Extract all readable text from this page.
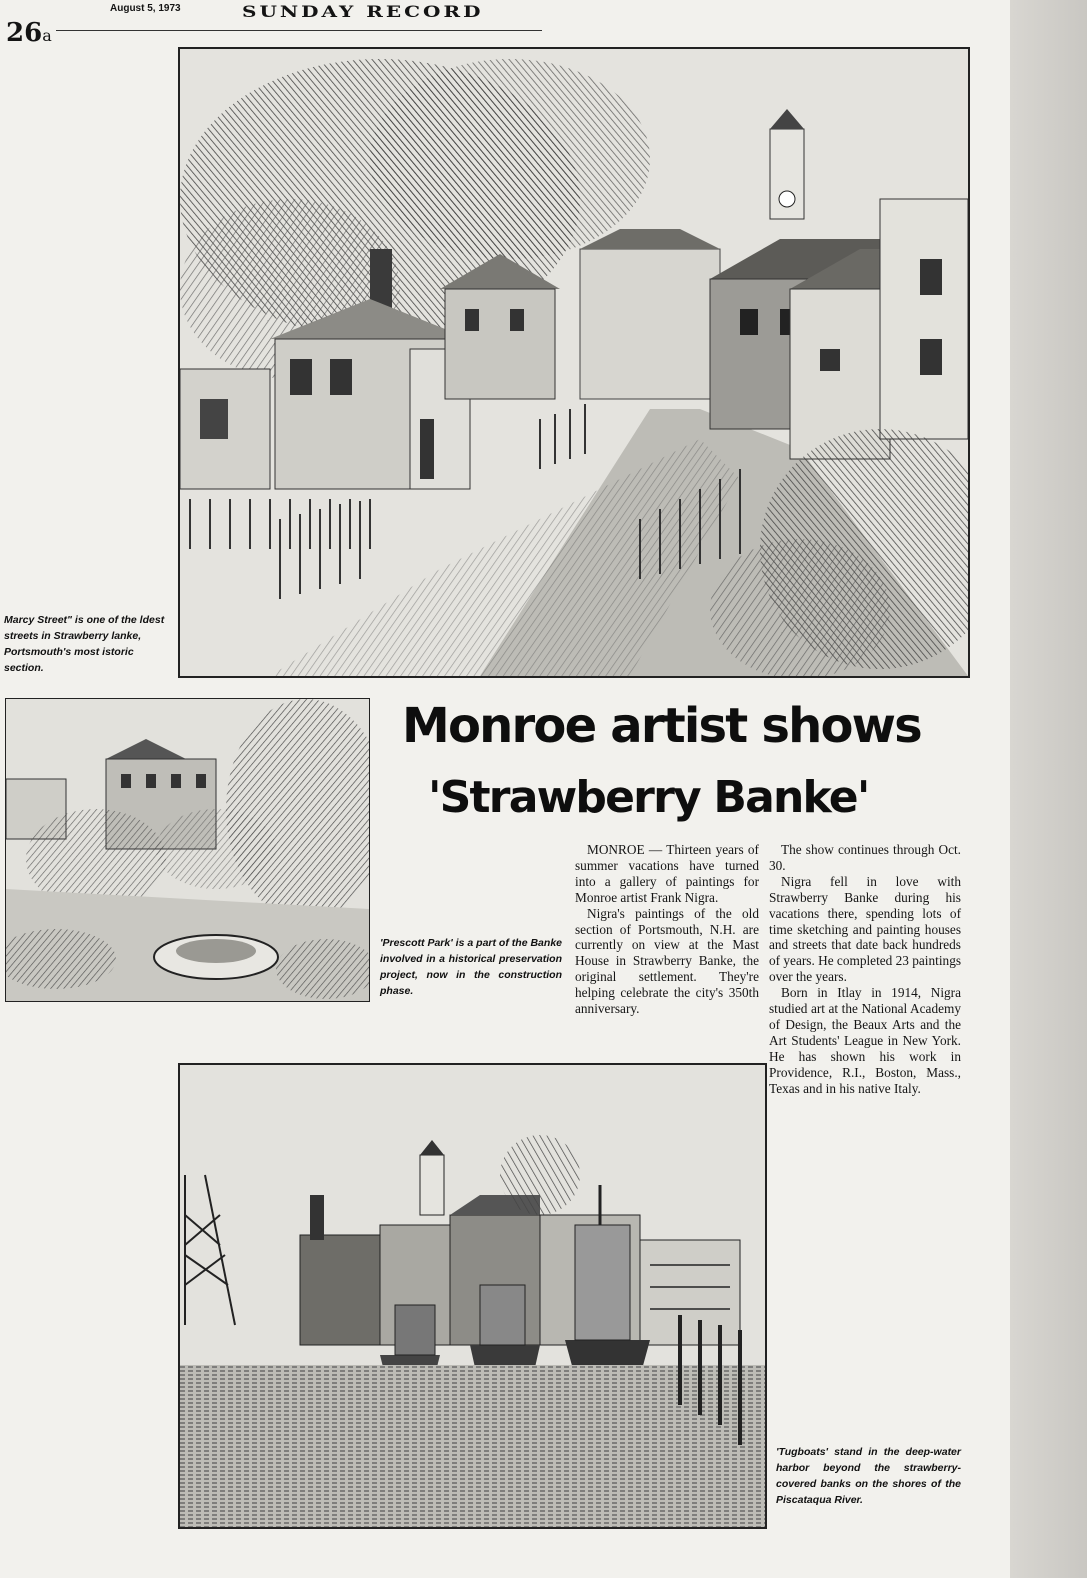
26a
August 5, 1973	SUNDAY RECORD
Marcy Street" is one of the ldest streets in Strawberry lanke, Portsmouth's most istoric section.
Monroe artist shows
'Strawberry Banke'
'Prescott Park' is a part of the Banke involved in a historical preservation project, now in the construction phase.

MONROE — Thirteen years of summer vacations have turned into a gallery of paintings for Monroe artist Frank Nigra.

Nigra's paintings of the old section of Portsmouth, N.H. are currently on view at the Mast House in Strawberry Banke, the original settlement. They're helping celebrate the city's 350th anniversary.

The show continues through Oct. 30.

Nigra fell in love with Strawberry Banke during his vacations there, spending lots of time sketching and painting houses and streets that date back hundreds of years. He completed 23 paintings over the years.

Born in Itlay in 1914, Nigra studied art at the National Academy of Design, the Beaux Arts and the Art Students' League in New York. He has shown his work in Providence, R.I., Boston, Mass., Texas and in his native Italy.

'Tugboats' stand in the deep-water harbor beyond the strawberry-covered banks on the shores of the Piscataqua River.
